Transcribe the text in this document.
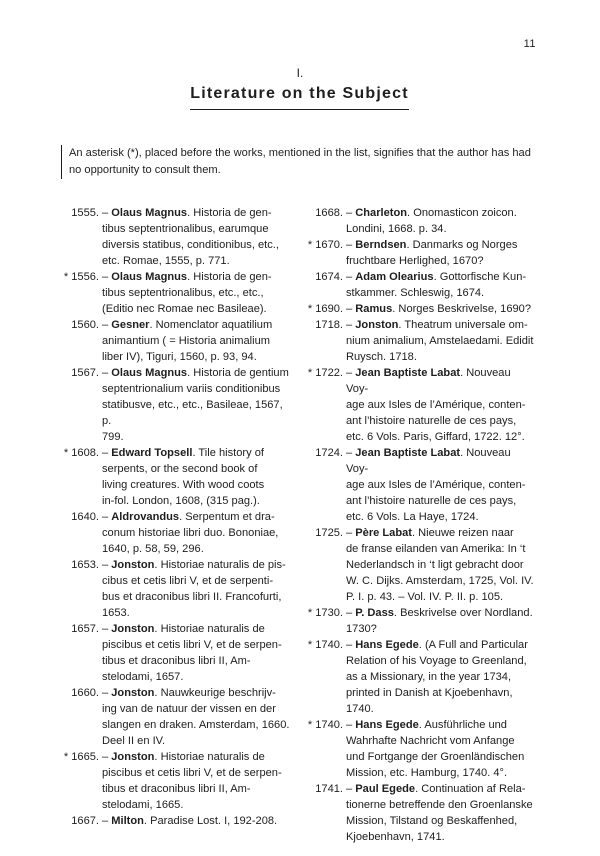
11
I.
Literature on the Subject
An asterisk (*), placed before the works, mentioned in the list, signifies that the author has had
no opportunity to consult them.
1555. – Olaus Magnus. Historia de gen-
tibus septentrionalibus, earumque
diversis statibus, conditionibus, etc.,
etc. Romae, 1555, p. 771.
* 1556. – Olaus Magnus. Historia de gen-
tibus septentrionalibus, etc., etc.,
(Editio nec Romae nec Basileae).
1560. – Gesner. Nomenclator aquatilium
animantium ( = Historia animalium
liber IV), Tiguri, 1560, p. 93, 94.
1567. – Olaus Magnus. Historia de gentium
septentrionalium variis conditionibus
statibusve, etc., etc., Basileae, 1567, p.
799.
* 1608. – Edward Topsell. Tile history of
serpents, or the second book of
living creatures. With wood coots
in-fol. London, 1608, (315 pag.).
1640. – Aldrovandus. Serpentum et dra-
conum historiae libri duo. Bononiae,
1640, p. 58, 59, 296.
1653. – Jonston. Historiae naturalis de pis-
cibus et cetis libri V, et de serpenti-
bus et draconibus libri II. Francofurti,
1653.
1657. – Jonston. Historiae naturalis de
piscibus et cetis libri V, et de serpen-
tibus et draconibus libri II, Am-
stelodami, 1657.
1660. – Jonston. Nauwkeurige beschrijv-
ing van de natuur der vissen en der
slangen en draken. Amsterdam, 1660.
Deel II en IV.
* 1665. – Jonston. Historiae naturalis de
piscibus et cetis libri V, et de serpen-
tibus et draconibus libri II, Am-
stelodami, 1665.
1667. – Milton. Paradise Lost. I, 192-208.
1668. – Charleton. Onomasticon zoicon.
Londini, 1668. p. 34.
* 1670. – Berndsen. Danmarks og Norges
fruchtbare Herlighed, 1670?
1674. – Adam Olearius. Gottorfische Kun-
stkammer. Schleswig, 1674.
* 1690. – Ramus. Norges Beskrivelse, 1690?
1718. – Jonston. Theatrum universale om-
nium animalium, Amstelaedami. Edidit
Ruysch. 1718.
* 1722. – Jean Baptiste Labat. Nouveau Voy-
age aux Isles de l’Amérique, conten-
ant l’histoire naturelle de ces pays,
etc. 6 Vols. Paris, Giffard, 1722. 12°.
1724. – Jean Baptiste Labat. Nouveau Voy-
age aux Isles de l’Amérique, conten-
ant l’histoire naturelle de ces pays,
etc. 6 Vols. La Haye, 1724.
1725. – Père Labat. Nieuwe reizen naar
de franse eilanden van Amerika: In ‘t
Nederlandsch in ‘t ligt gebracht door
W. C. Dijks. Amsterdam, 1725, Vol. IV.
P. I. p. 43. – Vol. IV. P. II. p. 105.
* 1730. – P. Dass. Beskrivelse over Nordland.
1730?
* 1740. – Hans Egede. (A Full and Particular
Relation of his Voyage to Greenland,
as a Missionary, in the year 1734,
printed in Danish at Kjoebenhavn,
1740.
* 1740. – Hans Egede. Ausführliche und
Wahrhafte Nachricht vom Anfange
und Fortgange der Groenländischen
Mission, etc. Hamburg, 1740. 4°.
1741. – Paul Egede. Continuation af Rela-
tionerne betreffende den Groenlanske
Mission, Tilstand og Beskaffenhed,
Kjoebenhavn, 1741.
